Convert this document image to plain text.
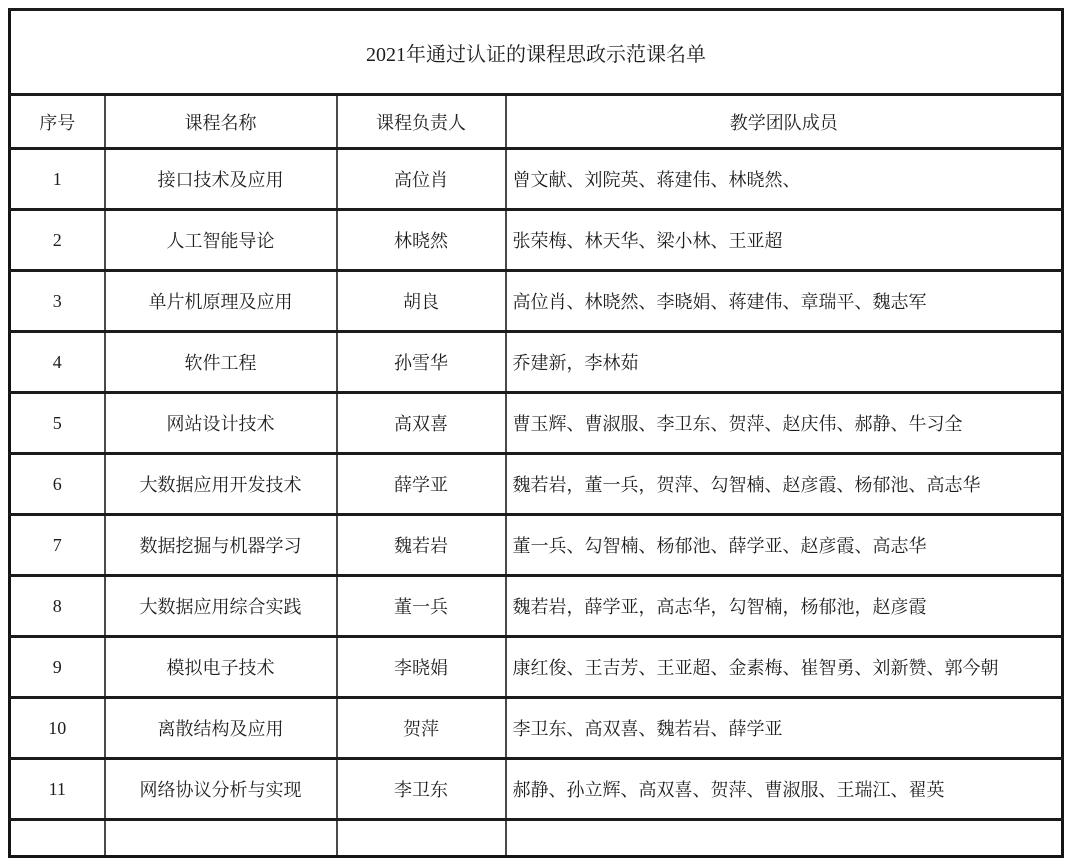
2021年通过认证的课程思政示范课名单			
序号	课程名称	课程负责人	教学团队成员
1	接口技术及应用	高位肖	曾文献、刘院英、蒋建伟、林晓然、
2	人工智能导论	林晓然	张荣梅、林天华、梁小林、王亚超
3	单片机原理及应用	胡良	高位肖、林晓然、李晓娟、蒋建伟、章瑞平、魏志军
4	软件工程	孙雪华	乔建新，李林茹
5	网站设计技术	高双喜	曹玉辉、曹淑服、李卫东、贺萍、赵庆伟、郝静、牛习全
6	大数据应用开发技术	薛学亚	魏若岩，董一兵，贺萍、勾智楠、赵彦霞、杨郁池、高志华
7	数据挖掘与机器学习	魏若岩	董一兵、勾智楠、杨郁池、薛学亚、赵彦霞、高志华
8	大数据应用综合实践	董一兵	魏若岩，薛学亚，高志华，勾智楠，杨郁池，赵彦霞
9	模拟电子技术	李晓娟	康红俊、王吉芳、王亚超、金素梅、崔智勇、刘新赞、郭今朝
10	离散结构及应用	贺萍	李卫东、高双喜、魏若岩、薛学亚
11	网络协议分析与实现	李卫东	郝静、孙立辉、高双喜、贺萍、曹淑服、王瑞江、翟英
